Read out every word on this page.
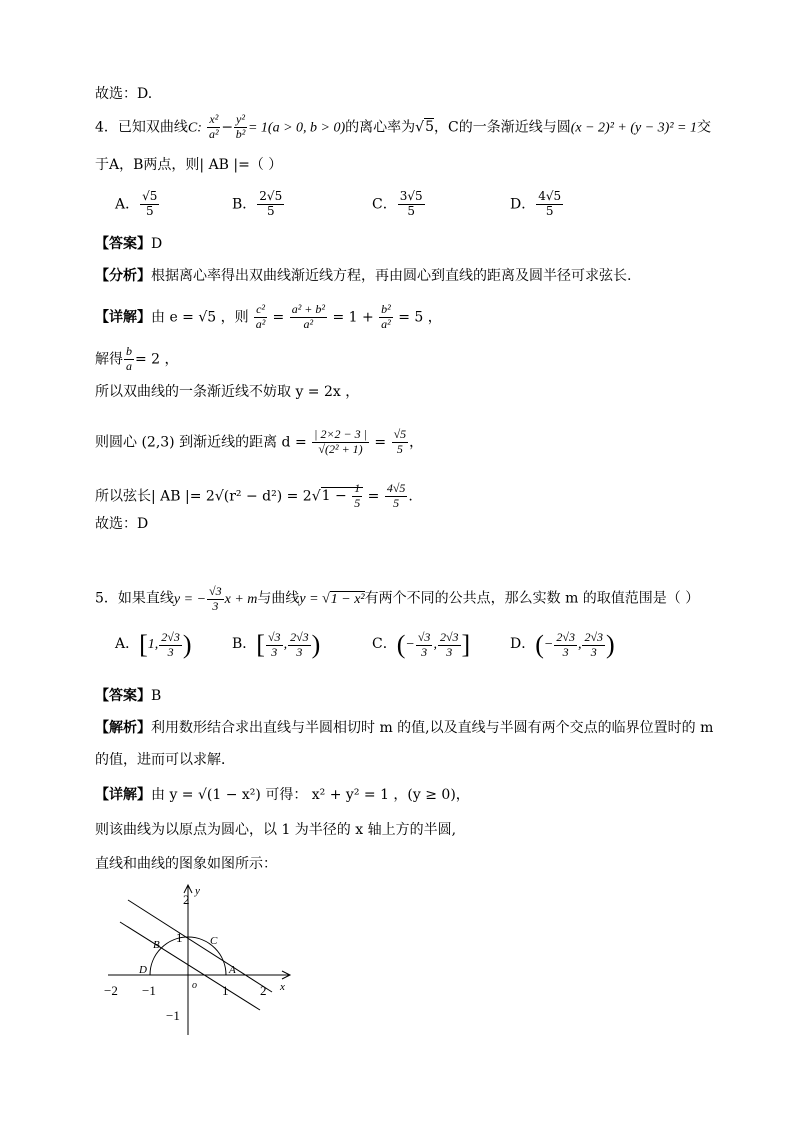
故选：D.
4．已知双曲线C: $\frac{\text{x²}}{\text{a²}} - \frac{\text{y²}}{\text{b²}} = 1(a > 0$, b > 0)的离心率为√5，C的一条渐近线与圆(x − 2)² + (y − 3)² = 1交
于A，B两点，则| AB |=（ ）
A． $\frac{√5}{5}$	B． $\frac{2√5}{5}$	C． $\frac{3√5}{5}$	D． $\frac{4√5}{5}$
【答案】D
【分析】根据离心率得出双曲线渐近线方程，再由圆心到直线的距离及圆半径可求弦长.
【详解】由 e = √5 ，则 $\frac{\text{c²}}{\text{a²}} = \frac{\text{a² + b²}}{\text{a²}} = 1 + \frac{\text{b²}}{\text{a²}} = 5$ ，
解得 $\frac{b}{a} = 2$ ，
所以双曲线的一条渐近线不妨取 y = 2x ，
则圆心 (2,3) 到渐近线的距离 $d = \frac{| 2\times 2 - 3 |}{\text{√(2² + 1)}} = \frac{√5}{5}$ ，
所以弦长| AB |= $2√(r^2 - d^2) = 2√1 - \frac{1}{5} = \frac{4√5}{5}$ .
故选：D
5．如果直线y = − $\frac{√3}{3}$ x + m与曲线y = √1 − x²有两个不同的公共点，那么实数 m 的取值范围是（ ）
A．[1, $\frac{2√3}{3}$ )	B．[ $\frac{√3}{3}$ , $\frac{2√3}{3}$ )	C．(− $\frac{√3}{3}$ , $\frac{2√3}{3}$ ]	D．(− $\frac{2√3}{3}$ , $\frac{2√3}{3}$ )
【答案】B
【解析】利用数形结合求出直线与半圆相切时 m 的值,以及直线与半圆有两个交点的临界位置时的 m
的值，进而可以求解．
【详解】由 y = √(1 − x²) 可得： x² + y² = 1 ，(y ≥ 0)，
则该曲线为以原点为圆心，以 1 为半径的 x 轴上方的半圆,
直线和曲线的图象如图所示：
2
1
−1
−2 −1	1 2
o	x
y
A
B	C
D
